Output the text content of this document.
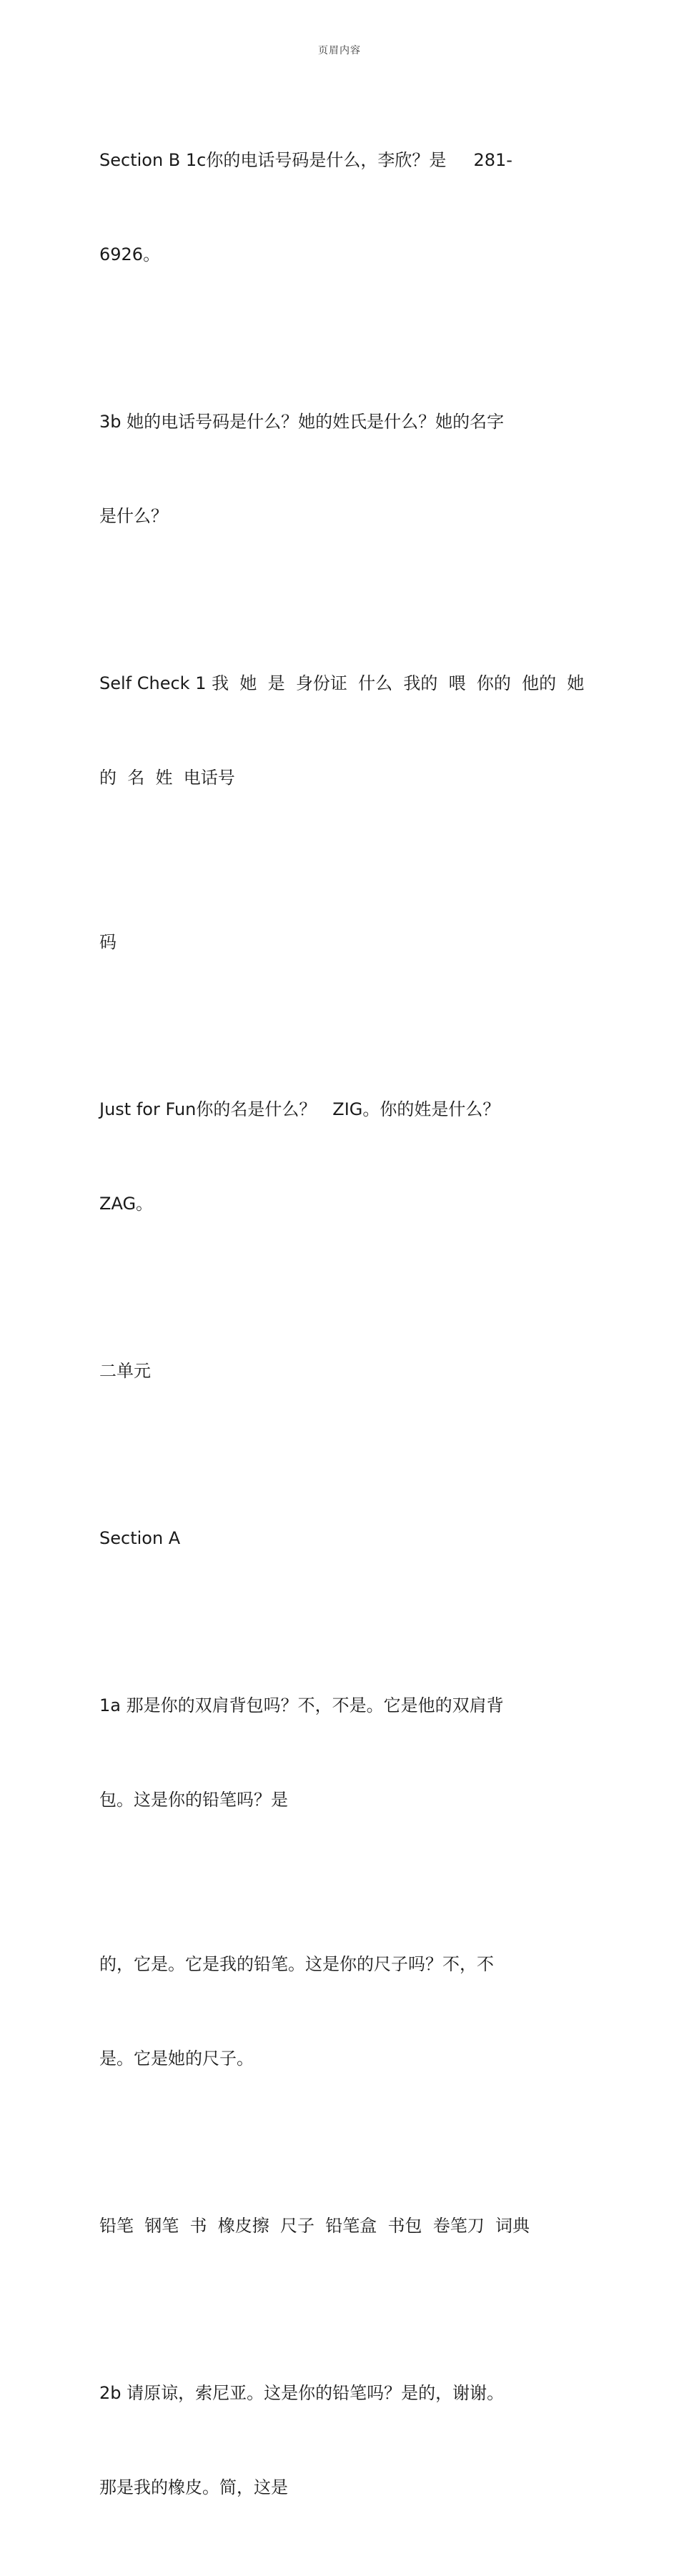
页眉内容

Section B 1c你的电话号码是什么，李欣？是     281-

6926。

3b 她的电话号码是什么？她的姓氏是什么？她的名字

是什么？

Self Check 1 我  她  是  身份证  什么  我的  喂  你的  他的  她

的  名  姓  电话号

码

Just for Fun你的名是什么？   ZIG。你的姓是什么？

ZAG。

二单元

Section A

1a 那是你的双肩背包吗？不，不是。它是他的双肩背

包。这是你的铅笔吗？是

的，它是。它是我的铅笔。这是你的尺子吗？不，不

是。它是她的尺子。

铅笔  钢笔  书  橡皮擦  尺子  铅笔盒  书包  卷笔刀  词典

2b 请原谅，索尼亚。这是你的铅笔吗？是的，谢谢。

那是我的橡皮。简，这是
